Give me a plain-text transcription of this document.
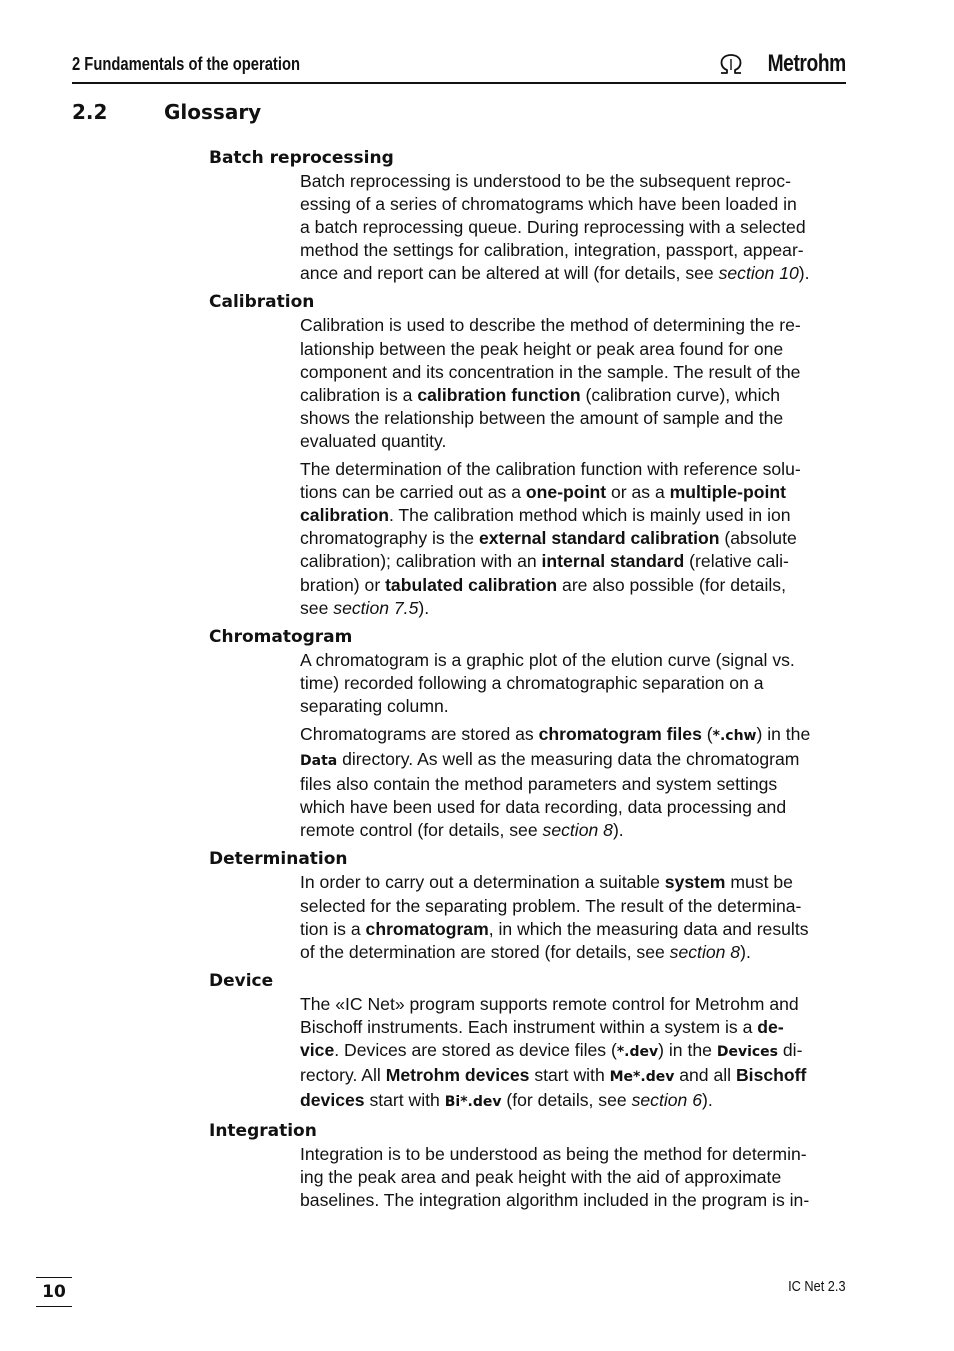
2 Fundamentals of the operation	Metrohm
2.2	Glossary
Batch reprocessing
Batch reprocessing is understood to be the subsequent reproc-
essing of a series of chromatograms which have been loaded in
a batch reprocessing queue. During reprocessing with a selected
method the settings for calibration, integration, passport, appear-
ance and report can be altered at will (for details, see section 10).
Calibration
Calibration is used to describe the method of determining the re-
lationship between the peak height or peak area found for one
component and its concentration in the sample. The result of the
calibration is a calibration function (calibration curve), which
shows the relationship between the amount of sample and the
evaluated quantity.
The determination of the calibration function with reference solu-
tions can be carried out as a one-point or as a multiple-point
calibration. The calibration method which is mainly used in ion
chromatography is the external standard calibration (absolute
calibration); calibration with an internal standard (relative cali-
bration) or tabulated calibration are also possible (for details,
see section 7.5).
Chromatogram
A chromatogram is a graphic plot of the elution curve (signal vs.
time) recorded following a chromatographic separation on a
separating column.
Chromatograms are stored as chromatogram files (*.chw) in the
Data directory. As well as the measuring data the chromatogram
files also contain the method parameters and system settings
which have been used for data recording, data processing and
remote control (for details, see section 8).
Determination
In order to carry out a determination a suitable system must be
selected for the separating problem. The result of the determina-
tion is a chromatogram, in which the measuring data and results
of the determination are stored (for details, see section 8).
Device
The «IC Net» program supports remote control for Metrohm and
Bischoff instruments. Each instrument within a system is a de-
vice. Devices are stored as device files (*.dev) in the Devices di-
rectory. All Metrohm devices start with Me*.dev and all Bischoff
devices start with Bi*.dev (for details, see section 6).
Integration
Integration is to be understood as being the method for determin-
ing the peak area and peak height with the aid of approximate
baselines. The integration algorithm included in the program is in-
10	IC Net 2.3
